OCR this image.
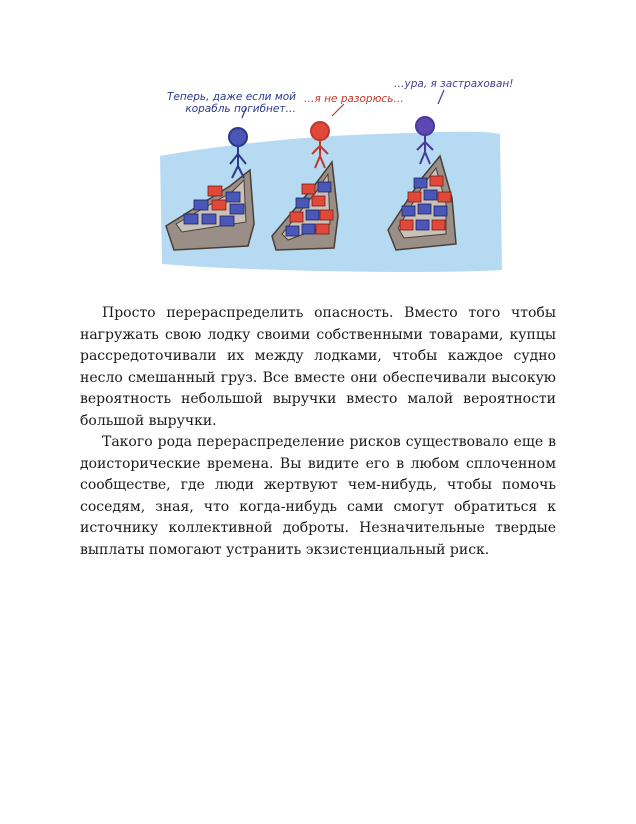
Теперь, даже если мой
корабль погибнет…
…я не разорюсь…
…ура, я застрахован!

Просто перераспределить опасность. Вместо того чтобы нагружать свою лодку своими собственными товарами, купцы рассредоточивали их между лодками, чтобы каждое судно несло смешанный груз. Все вместе они обеспечивали высокую вероятность небольшой выручки вместо малой вероятности большой выручки.

Такого рода перераспределение рисков существовало еще в доисторические времена. Вы видите его в любом сплоченном сообществе, где люди жертвуют чем-нибудь, чтобы помочь соседям, зная, что когда-нибудь сами смогут обратиться к источнику коллективной доброты. Незначительные твердые выплаты помогают устранить экзистенциальный риск.
